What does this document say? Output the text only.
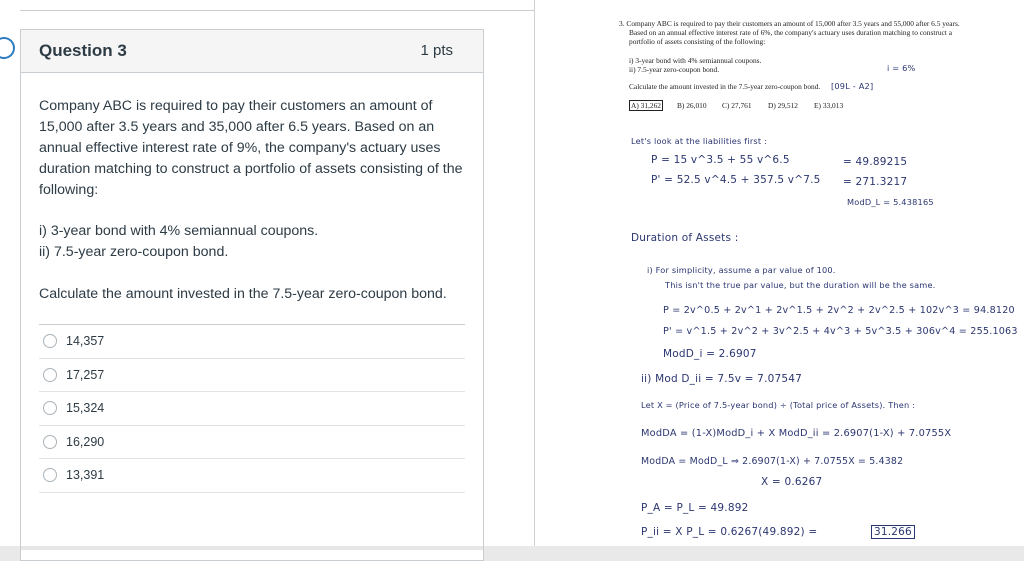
Question 3	1 pts
Company ABC is required to pay their customers an amount of 15,000 after 3.5 years and 35,000 after 6.5 years. Based on an annual effective interest rate of 9%, the company's actuary uses duration matching to construct a portfolio of assets consisting of the following:
i) 3-year bond with 4% semiannual coupons.
ii) 7.5-year zero-coupon bond.
Calculate the amount invested in the 7.5-year zero-coupon bond.
14,357
17,257
15,324
16,290
13,391
3. Company ABC is required to pay their customers an amount of 15,000 after 3.5 years and 55,000 after 6.5 years.
Based on an annual effective interest rate of 6%, the company's actuary uses duration matching to construct a
portfolio of assets consisting of the following:
i) 3-year bond with 4% semiannual coupons.
ii) 7.5-year zero-coupon bond.	i = 6%
Calculate the amount invested in the 7.5-year zero-coupon bond. [09L - A2]
A) 31,262 B) 26,010 C) 27,761 D) 29,512 E) 33,013
Let's look at the liabilities first :
P = 15 v^3.5 + 55 v^6.5	= 49.89215
P' = 52.5 v^4.5 + 357.5 v^7.5 = 271.3217
ModD_L = 5.438165
Duration of Assets :
i) For simplicity, assume a par value of 100.
This isn't the true par value, but the duration will be the same.
P = 2v^0.5 + 2v^1 + 2v^1.5 + 2v^2 + 2v^2.5 + 102v^3 = 94.8120
P' = v^1.5 + 2v^2 + 3v^2.5 + 4v^3 + 5v^3.5 + 306v^4 = 255.1063
ModD_i = 2.6907
ii) Mod D_ii = 7.5v = 7.07547
Let X = (Price of 7.5-year bond) ÷ (Total price of Assets). Then :
ModDA = (1-X)ModD_i + X ModD_ii = 2.6907(1-X) + 7.0755X
ModDA = ModD_L ⇒ 2.6907(1-X) + 7.0755X = 5.4382
X = 0.6267
P_A = P_L = 49.892
P_ii = X P_L = 0.6267(49.892) =	31.266
